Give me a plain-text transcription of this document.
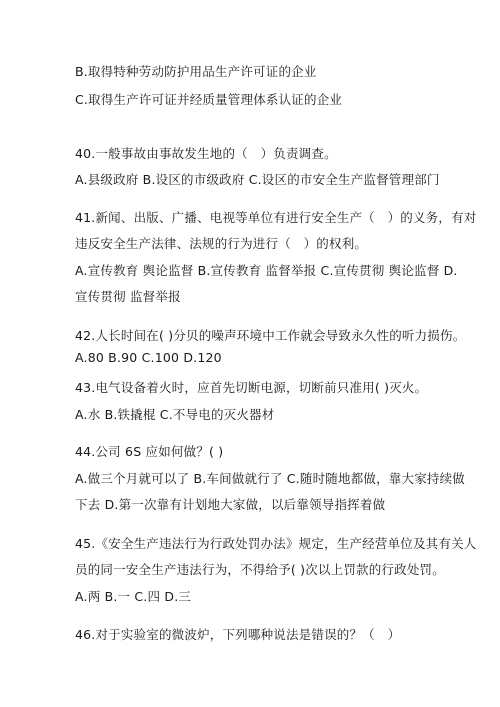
B.取得特种劳动防护用品生产许可证的企业
C.取得生产许可证并经质量管理体系认证的企业
40.一般事故由事故发生地的（　）负责调查。
A.县级政府 B.设区的市级政府 C.设区的市安全生产监督管理部门
41.新闻、出版、广播、电视等单位有进行安全生产（　）的义务，有对
违反安全生产法律、法规的行为进行（　）的权利。
A.宣传教育 舆论监督 B.宣传教育 监督举报 C.宣传贯彻 舆论监督 D.
宣传贯彻 监督举报
42.人长时间在( )分贝的噪声环境中工作就会导致永久性的听力损伤。
A.80 B.90 C.100 D.120
43.电气设备着火时，应首先切断电源，切断前只准用( )灭火。
A.水 B.铁撬棍 C.不导电的灭火器材
44.公司 6S 应如何做？( )
A.做三个月就可以了 B.车间做就行了 C.随时随地都做，靠大家持续做
下去 D.第一次靠有计划地大家做，以后靠领导指挥着做
45.《安全生产违法行为行政处罚办法》规定，生产经营单位及其有关人
员的同一安全生产违法行为，不得给予( )次以上罚款的行政处罚。
A.两 B.一 C.四 D.三
46.对于实验室的微波炉，下列哪种说法是错误的？（　）
